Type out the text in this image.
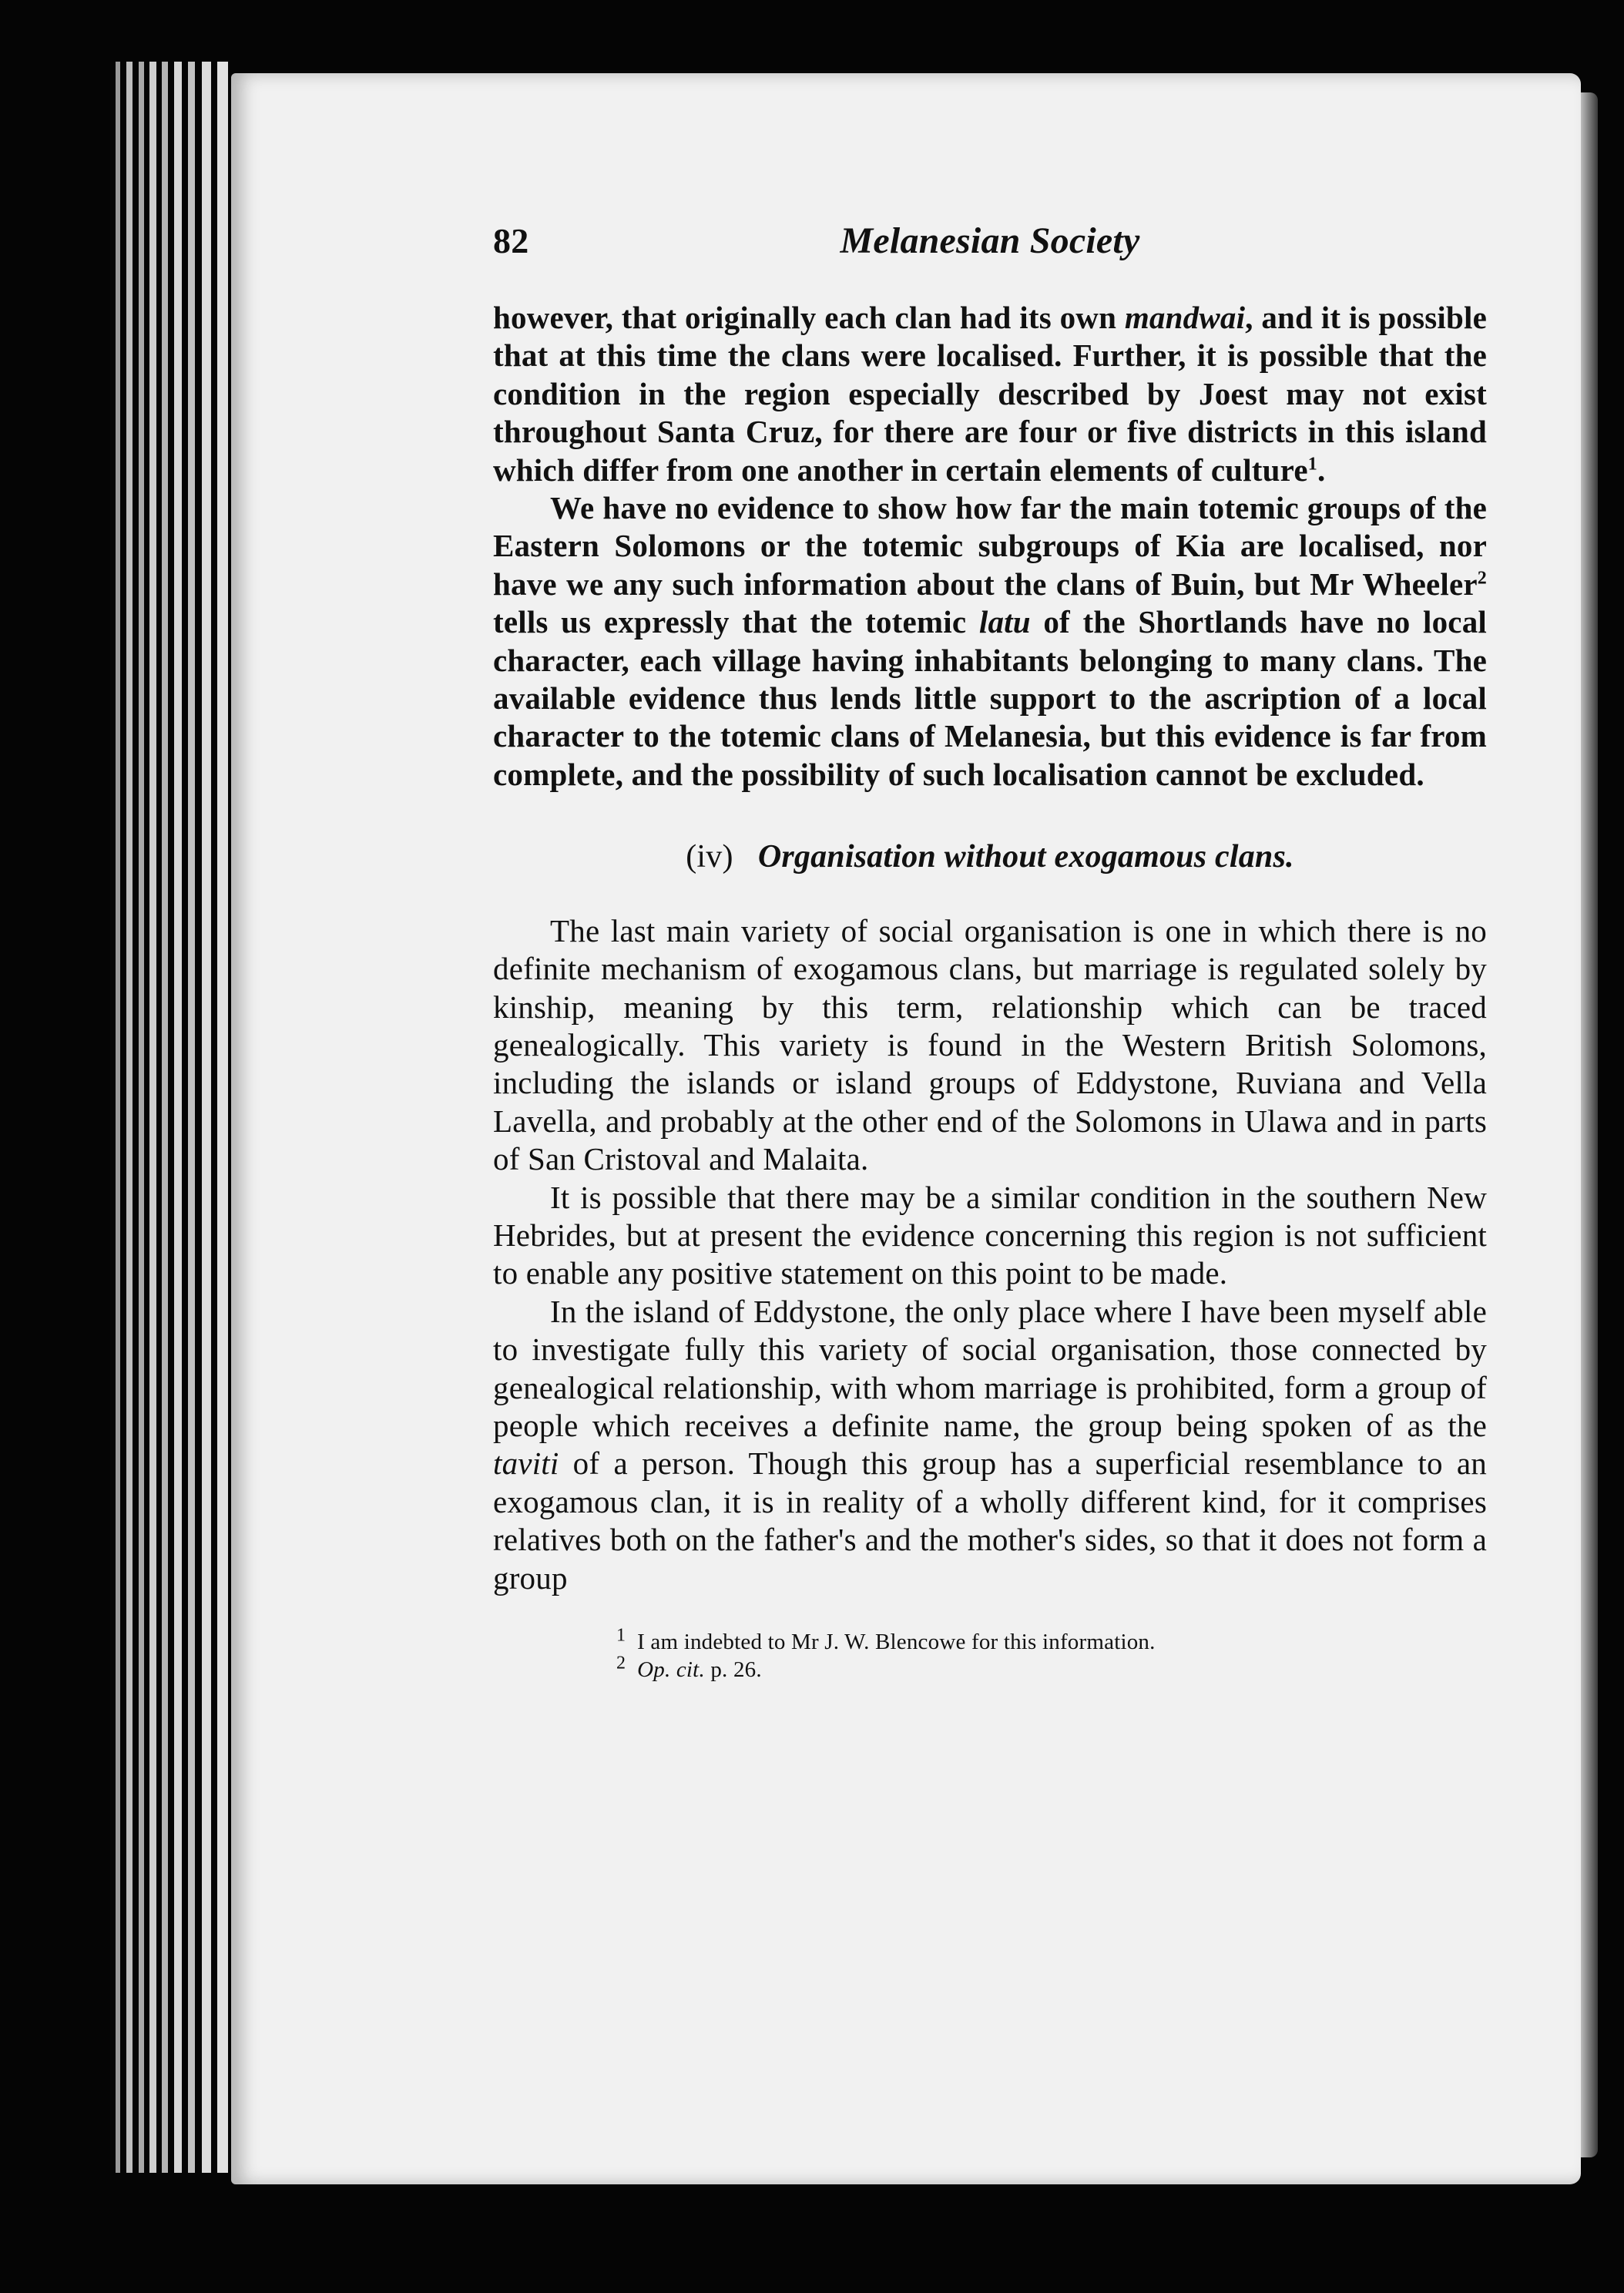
82	Melanesian Society

however, that originally each clan had its own mandwai, and it is possible that at this time the clans were localised. Further, it is possible that the condition in the region especially described by Joest may not exist throughout Santa Cruz, for there are four or five districts in this island which differ from one another in certain elements of culture$^1$.

We have no evidence to show how far the main totemic groups of the Eastern Solomons or the totemic subgroups of Kia are localised, nor have we any such information about the clans of Buin, but Mr Wheeler$^2$ tells us expressly that the totemic latu of the Shortlands have no local character, each village having inhabitants belonging to many clans. The available evidence thus lends little support to the ascription of a local character to the totemic clans of Melanesia, but this evidence is far from complete, and the possibility of such localisation cannot be excluded.

(iv) Organisation without exogamous clans.

The last main variety of social organisation is one in which there is no definite mechanism of exogamous clans, but marriage is regulated solely by kinship, meaning by this term, relationship which can be traced genealogically. This variety is found in the Western British Solomons, including the islands or island groups of Eddystone, Ruviana and Vella Lavella, and probably at the other end of the Solomons in Ulawa and in parts of San Cristoval and Malaita.

It is possible that there may be a similar condition in the southern New Hebrides, but at present the evidence concerning this region is not sufficient to enable any positive statement on this point to be made.

In the island of Eddystone, the only place where I have been myself able to investigate fully this variety of social organisation, those connected by genealogical relationship, with whom marriage is prohibited, form a group of people which receives a definite name, the group being spoken of as the taviti of a person. Though this group has a superficial resemblance to an exogamous clan, it is in reality of a wholly different kind, for it comprises relatives both on the father's and the mother's sides, so that it does not form a group

$^1$ I am indebted to Mr J. W. Blencowe for this information.

$^2$ Op. cit. p. 26.
